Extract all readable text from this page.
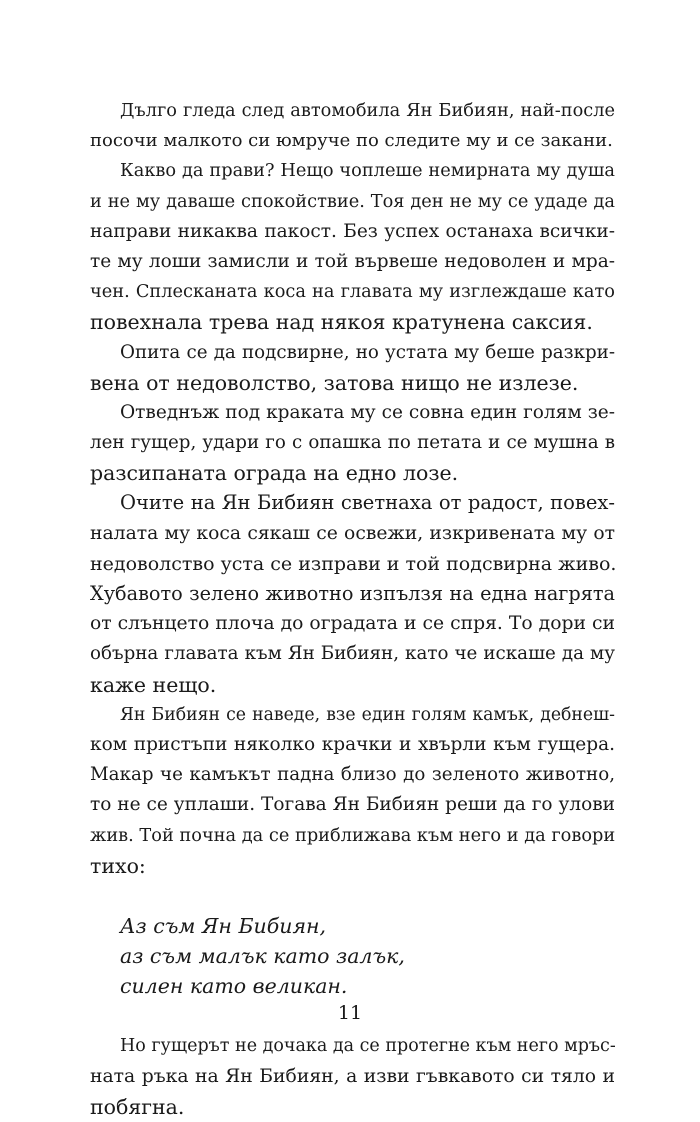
Дълго гледа след автомобила Ян Бибиян, най-после
посочи малкото си юмруче по следите му и се закани.
Какво да прави? Нещо чоплеше немирната му душа
и не му даваше спокойствие. Тоя ден не му се удаде да
направи никаква пакост. Без успех останаха всички-
те му лоши замисли и той вървеше недоволен и мра-
чен. Сплесканата коса на главата му изглеждаше като
повехнала трева над някоя кратунена саксия.
Опита се да подсвирне, но устата му беше разкри-
вена от недоволство, затова нищо не излезе.
Отведнъж под краката му се совна един голям зе-
лен гущер, удари го с опашка по петата и се мушна в
разсипаната ограда на едно лозе.
Очите на Ян Бибиян светнаха от радост, повех-
налата му коса сякаш се освежи, изкривената му от
недоволство уста се изправи и той подсвирна живо.
Хубавото зелено животно изпълзя на една нагрята
от слънцето плоча до оградата и се спря. То дори си
обърна главата към Ян Бибиян, като че искаше да му
каже нещо.
Ян Бибиян се наведе, взе един голям камък, дебнеш-
ком пристъпи няколко крачки и хвърли към гущера.
Макар че камъкът падна близо до зеленото животно,
то не се уплаши. Тогава Ян Бибиян реши да го улови
жив. Той почна да се приближава към него и да говори
тихо:
Аз съм Ян Бибиян,
аз съм малък като залък,
силен като великан.
Но гущерът не дочака да се протегне към него мръс-
ната ръка на Ян Бибиян, а изви гъвкавото си тяло и
побягна.
11
